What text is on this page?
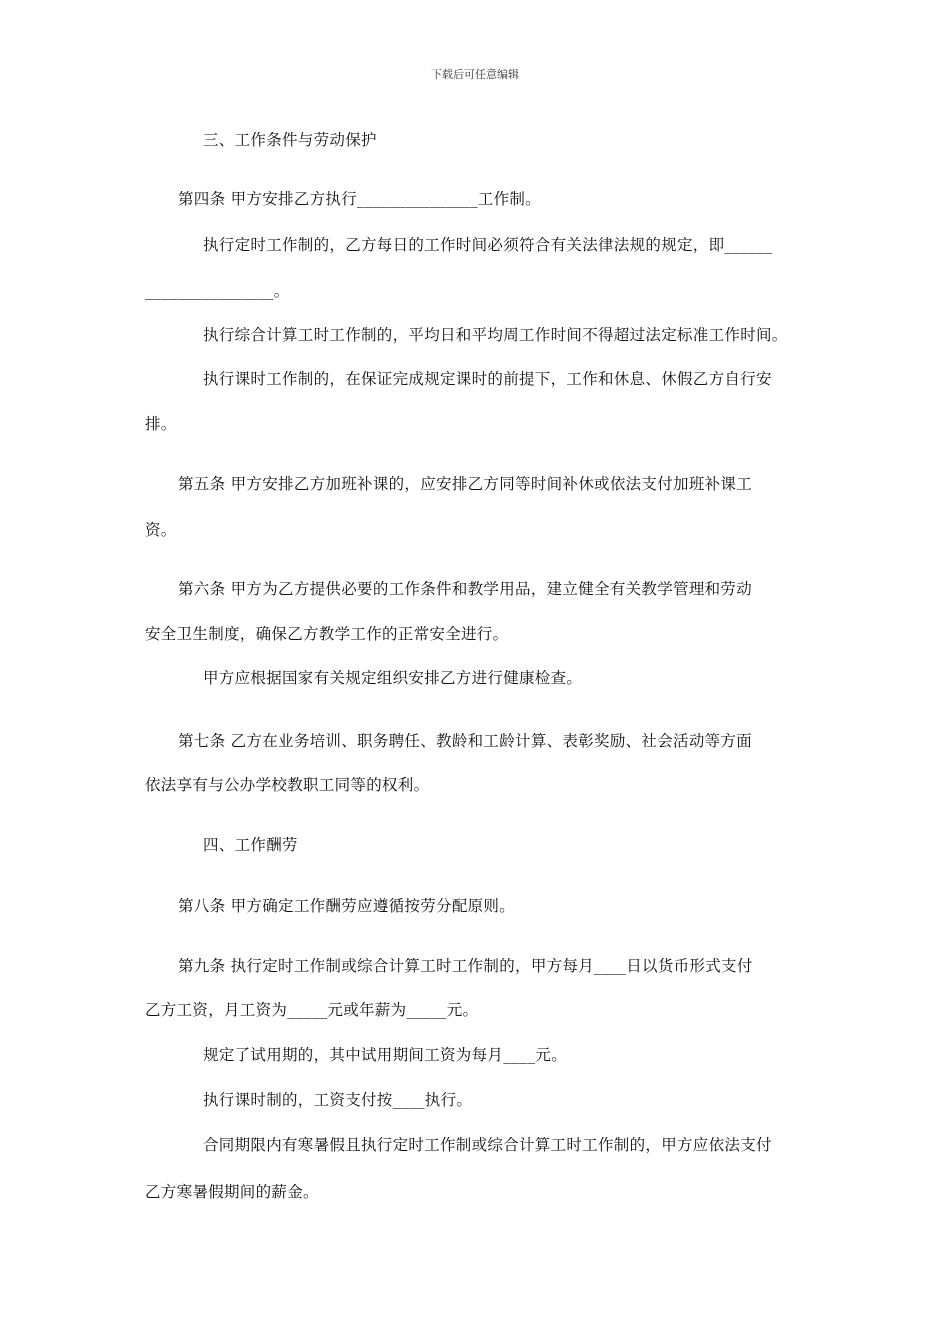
下载后可任意编辑
三、工作条件与劳动保护
第四条 甲方安排乙方执行_______________工作制。
执行定时工作制的，乙方每日的工作时间必须符合有关法律法规的规定，即______
________________。
执行综合计算工时工作制的，平均日和平均周工作时间不得超过法定标准工作时间。
执行课时工作制的，在保证完成规定课时的前提下，工作和休息、休假乙方自行安
排。
第五条 甲方安排乙方加班补课的，应安排乙方同等时间补休或依法支付加班补课工
资。
第六条 甲方为乙方提供必要的工作条件和教学用品，建立健全有关教学管理和劳动
安全卫生制度，确保乙方教学工作的正常安全进行。
甲方应根据国家有关规定组织安排乙方进行健康检查。
第七条 乙方在业务培训、职务聘任、教龄和工龄计算、表彰奖励、社会活动等方面
依法享有与公办学校教职工同等的权利。
四、工作酬劳
第八条 甲方确定工作酬劳应遵循按劳分配原则。
第九条 执行定时工作制或综合计算工时工作制的，甲方每月____日以货币形式支付
乙方工资，月工资为_____元或年薪为_____元。
规定了试用期的，其中试用期间工资为每月____元。
执行课时制的，工资支付按____执行。
合同期限内有寒暑假且执行定时工作制或综合计算工时工作制的，甲方应依法支付
乙方寒暑假期间的薪金。
